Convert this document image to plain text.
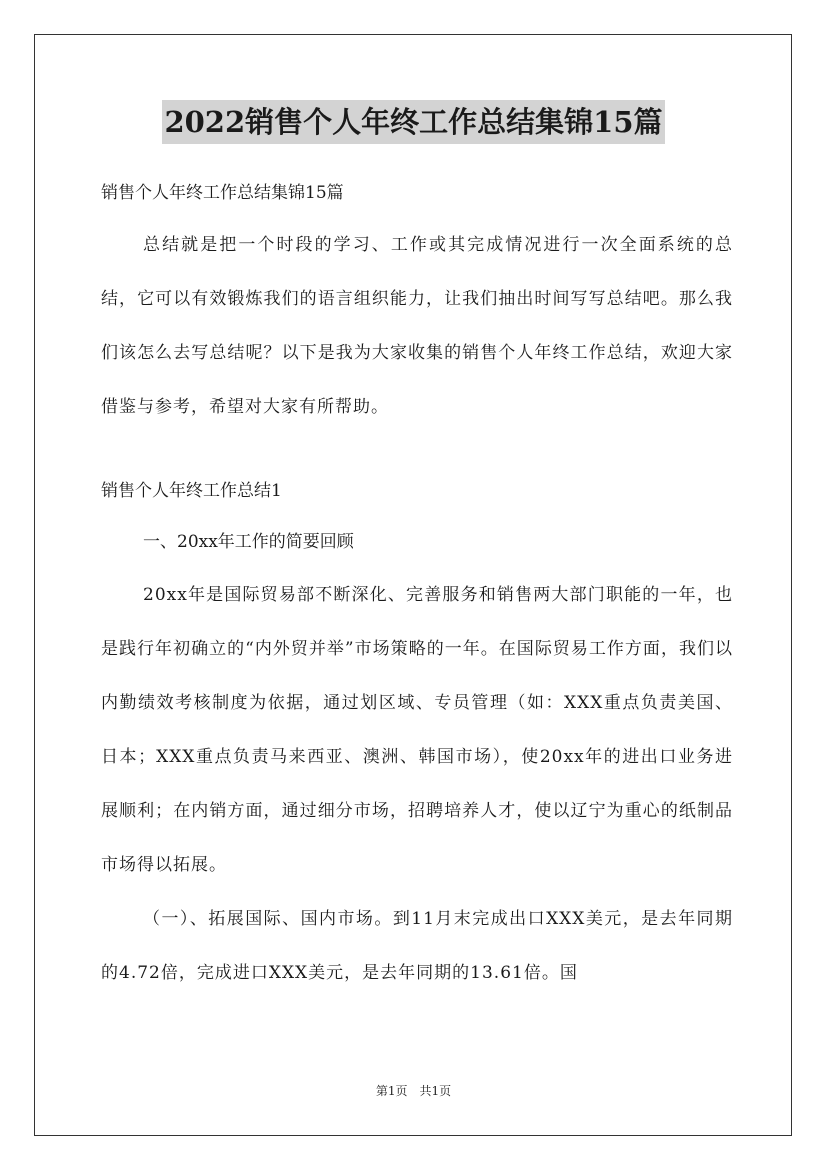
2022销售个人年终工作总结集锦15篇

销售个人年终工作总结集锦15篇

总结就是把一个时段的学习、工作或其完成情况进行一次全面系统的总结，它可以有效锻炼我们的语言组织能力，让我们抽出时间写写总结吧。那么我们该怎么去写总结呢？以下是我为大家收集的销售个人年终工作总结，欢迎大家借鉴与参考，希望对大家有所帮助。

销售个人年终工作总结1

一、20xx年工作的简要回顾

20xx年是国际贸易部不断深化、完善服务和销售两大部门职能的一年，也是践行年初确立的“内外贸并举”市场策略的一年。在国际贸易工作方面，我们以内勤绩效考核制度为依据，通过划区域、专员管理（如：XXX重点负责美国、日本；XXX重点负责马来西亚、澳洲、韩国市场），使20xx年的进出口业务进展顺利；在内销方面，通过细分市场，招聘培养人才，使以辽宁为重心的纸制品市场得以拓展。

（一）、拓展国际、国内市场。到11月末完成出口XXX美元，是去年同期的4.72倍，完成进口XXX美元，是去年同期的13.61倍。国

第1页　共1页
